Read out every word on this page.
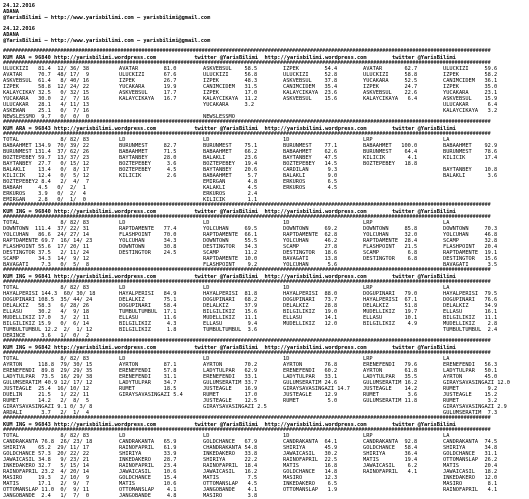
24.12.2016
ADANA
@YarisBilimi — http://www.yarisbilimi.com — yarisbilimi@gmail.com
24.12.2016
ADANA
@YarisBilimi — http://www.yarisbilimi.com — yarisbilimi@gmail.com
##################################################################################################################################################################
KUM ARA = 96840 http://yarisbilimi.wordpress.com            twitter @YarisBilimi  http://yarisbilimi.wordpress.com        twitter @YarisBilimi
##################################################################################################################################################################
ULUCKIZI   81.4  12/ 36/ 38	AVATAR        81.0	ASKVEBSUL    58.5	IZPEK        54.4	AVATAR       62.7	ULUCKIZI     59.6
AVATAR     70.7  48/ 17/  9	ULUCKIZI      67.6	ULUCKIZI     56.8	ULUCKIZI     52.8	ULUCKIZI     58.8	IZPEK        58.2
ASKVEBSUL  61.4   8/ 40/ 16	IZPEK         26.7	IZPEK        48.3	ASKVEBSUL    37.8	YUCAKARA     52.5	CANIMCIDEM   36.1
IZPEK      58.8  12/ 24/ 22	YUCAKARA      19.9	CANIMCIDEM   31.5	CANIMCIDEM   35.4	IZPEK        24.7	IZPEK        35.0
KALAYCIKAY 32.5   0/ 32/ 15	ASKVEBSUL     17.7	IZPEK        17.0	KALAYCIKAYA  23.6	ASKVEBSUL    22.6	YUCAKARA     23.1
YUCAKARA   30.0   2/  7/ 16	KALAYCIKAYA   16.7	KALAYCIKAYA  11.2	ASKVEBSUL    15.6	KALAYCIKAYA   6.4	ASKVEBSUL    15.9
ULUCAKAR   28.1   4/ 11/ 13	YUCAKARA     3.2	ULUCAKAR      6.4
ASKEWAN    25.1   0/  7/ 16	KALAYCIKAYA   3.2
NEWSLESSMO  9.7   0/  0/  0	NEWSLESSMO
##################################################################################################################################################################
KUM ARA = 96843 http://yarisbilimi.wordpress.com            twitter @YarisBilimi  http://yarisbilimi.wordpress.com        twitter @YarisBilimi
##################################################################################################################################################################
TOTAL             8/ 82/ 83	LD	LD	1D	LRP	LA
BABAAHMET 134.9  70/ 39/ 22	BURUNMEST     82.7	BURUNMEST    75.1	BURUNMEST    77.1	BABAAHMET   100.0	BABAAHMET    92.9
BURUNMEST 131.4  37/ 62/ 26	BABAAHMET     71.5	BABAAHMET    66.2	BABAAHMET    62.6	BURUNMEST    64.4	BURUNMEST    78.6
BOZTEPEBEY 59.7  13/ 37/ 23	BAYTANBEY     28.0	BALAKLI      23.6	BAYTANBEY    47.5	KILICIK       4.1	KILICIK      17.4
BAYTANBEY  27.7   0/ 15/ 12	BOZTEPEBEY     3.6	BOZTEPEBEY   19.4	BOZTEPEBEY   14.5	BOZTEPEBEY   18.8
BALAKLI    13.4   0/  8/ 17	BOZTEPEBEY     4.5	BAYTANBEY    20.6	CARDILAN      9.3	BAYTANBEY    10.8
KILICIK    12.4   0/  5/ 12	KILICIK        2.6	BABAAHMET     5.7	BALAKLI       9.0	BALAKLI       3.6
BOZTEPEBEY2 8.4   2/  4/  7	EMIRGAN       4.8	ERKUROS       6.5
BABAAH     4.5   0/  2/  1	KALAKLI       4.5	ERKUROS       4.5
ERKUROS    3.9   0/  2/  4	ERKUROS       2.4
EMIRGAN    2.8   0/  1/  0	KILICIK       1.1
##################################################################################################################################################################
KUM ING = 96840 http://yarisbilimi.wordpress.com            twitter @YarisBilimi  http://yarisbilimi.wordpress.com        twitter @YarisBilimi
##################################################################################################################################################################
TOTAL             8/ 82/ 83	LD	LD	1D	LRP	LA
DOWNTOWN  111.4  37/ 22/ 31	RAPTDAMENTE   77.4	YOLCUHAN     69.5	DOWNTOWN     69.2	DOWNTOWN     85.8	DOWNTOWN     70.3
YOLCUHAN   86.6  24/ 27/ 14	FLASHPOINT    70.0	RAPTDAMENTE  66.1	RAPTDAMENTE  62.8	YOLCUHAN     32.0	YOLCUHAN     46.8
RAPTDAMENTE 69.7  16/ 14/ 23	YOLCUHAN      34.3	DOWNTOWN     55.5	YOLCUHAN     46.2	RAPTDAMENTE  28.4	SCAMP        32.8
FLASHPOINT 55.6  17/ 20/ 11	DOWNTOWN      30.8	DESTINGTOR   34.3	SCAMP        27.8	FLASHPOINT   21.5	FLASHPOINT   20.4
DESTINGTOR 37.5   2/ 11/ 24	DESTINGTOR    24.5	SCAMP        11.2	DESTINGTOR   18.6	SCAMP         6.8	RAPTDAMENTE  19.1
SCAMP      34.3  14/  9/ 12	RAPTDAMENTE  10.0	BAVAGATI     13.8	DESTINGTOR    6.8	DESTINGTOR   15.6
BAVAGATI    7.3   0/  5/  8	FLASHPOINT    9.2	YOLCUHAN      5.6	BAVAGATI      3.5
##################################################################################################################################################################
KUM ING = 96841 http://yarisbilimi.wordpress.com            twitter @YarisBilimi  http://yarisbilimi.wordpress.com        twitter @YarisBilimi
##################################################################################################################################################################
TOTAL             8/ 82/ 83	LD	LD	1D	LRP	LA
HAYALPERISI 144.3  60/ 30/ 18	HAYALPERISI   84.9	HAYALPERISI  81.8	HAYALPERISI  88.0	DOGUPINARI   79.0	HAYALPERISI  79.5
DOGUPINARI 108.5  35/ 44/ 24	DELALKIZ      75.1	DOGUPINARI   68.2	DOGUPINARI   73.7	HAYALPERISI  67.1	DOGUPINARI   76.6
DELALKIZ   58.3   6/ 28/ 26	DOGUPINARI    58.4	DELALKIZ     37.9	DELALKIZ     28.8	DELALKIZ     51.8	DELALKIZ     34.9
ELLASU     30.2   4/  9/ 18	TUMBULTUMBUL  17.1	BILGILIKIZ   15.6	BILGILIKIZ   19.0	MUDELLIKIZ   19.7	ELLASU       16.1
MUDELLIKIZ 17.0   3/  2/ 11	ELLASU        11.6	MUDELLIKIZ   11.1	ELLASU       14.1	ELLASU       10.1	BILGILIKIZ   11.1
BILGILIKIZ 15.9   0/  6/ 14	BILGILIKIZ     4.3	ELLASU        9.4	MUDELLIKIZ   12.0	BILGILIKIZ    4.9	MUDELLIKIZ    2.8
TUMBULTUMBUL 12.2  2/  1/ 12	BILGILIKIZ     1.8	TUMBULTUMBUL  3.6	TUMBULTUMBUL  2.4
DERINCE     3.6   1/  0/  2
##################################################################################################################################################################
KUM ING = 96842 http://yarisbilimi.wordpress.com            twitter @YarisBilimi  http://yarisbilimi.wordpress.com        twitter @YarisBilimi
##################################################################################################################################################################
TOTAL             8/ 82/ 83	LD	LD	1D	LRP	LA
AYRTON     118.8  79/ 30/ 15	AYRTON        87.1	AYRTON       70.2	AYRTON       76.8	ERENEFENDI   79.6	ERENEFENDI   56.3
ERENEFENDI  89.8  29/ 29/ 35	ERENEFENDI    57.8	LADYTULPAR   62.9	ERENEFENDI   60.2	AYRTON       61.8	LADYTULPAR   50.1
LADYTULPAR  73.5  16/ 29/ 38	ERENEFENDI    31.1	ERENEFENDI   33.1	LADYTULPAR   33.1	LADYTULPAR   35.5	AYRTON       45.0
GULUMSERATIM 40.9 12/ 17/ 12	LADYTULPAR    34.7	GULUMSERATIM 33.7	GULUMSERATIM 24.6	GULUMSERATIM 16.2	GIRAYSAVASINGAZI 12.0
JUSTEAGLE  25.4  16/ 10/ 12	RUMET         18.5	JUSTEAGLE    16.9	GIRAYSAVASINGAZI 14.7 JUSTEAGLE    14.2	RUMET         9.2
DUELIN     21.5   1/ 22/ 11	GIRAYSAVASINGAZI 5.4	RUMET        17.0	JUSTEAGLE    12.9	RUMET         3.6	JUSTEAGLE    15.2
RUMET      14.2   2/  8/  5	JUSTEAGLE    12.5	RUMET         5.0	GULUMSERATIM 11.8	RUMET         3.2
GIRAYSAVASINGAZI 9.1 0/ 3/ 8	GIRAYSAVASINGAZI 2.5	GIRAYSAVASINGAZI 2.9
ARDALI      3.7   2/  1/  4	GULUMSERATIM  7.3
##################################################################################################################################################################
KUM ING = 96843 http://yarisbilimi.wordpress.com            twitter @YarisBilimi  http://yarisbilimi.wordpress.com        twitter @YarisBilimi
##################################################################################################################################################################
TOTAL             8/ 82/ 83	LD	LD	1D	LRP	LA
CANDRAKANTA 76.8  26/ 23/ 18	CANDRAKANTA   65.9	GOLDCHANCE   67.9	CANDRAKANTA  64.1	CANDRAKANTA  92.8	CANDRAKANTA  74.5
SHIRIYA    65.2  29/ 11/ 17	RAINOFAPRIL   61.9	CHANDRAKANTA 54.8	SHIRIYA      45.9	GOLDCHANCE   58.4	SHIRIYA      34.8
GOLDCHANCE 57.3  20/ 22/ 22	SHIRIYA       33.9	INKEDAKERO   33.8	JAWAICASIL   30.2	SHIRIYA      36.4	GOLDCHANCE   31.1
JAWAICASIL 34.8   9/ 23/ 21	INKEDAKERO    28.7	SHIRIYA      22.2	RAINOFAPRIL  22.5	MATIS        19.4	OTTOMANSLAP  26.2
INKEDAKERO 32.7   5/ 15/ 14	RAINOFAPRIL   23.4	RAINOFAPRIL  18.4	MATIS        16.8	JAWAICASIL    6.2	MATIS        20.4
RAINOFAPRIL 23.2  4/ 20/ 14	JAWAICASIL    10.6	JAWAICASIL   16.2	GOLDCHANCE   14.8	RAINOFAPRIL   4.1	JAWAICASIL   18.2
MASIRO     19.3   2/ 10/  9	GOLDCHANCE    15.4	MATIS         7.5	MASIRO       12.3	INKEDAKERO   12.0
MATIS      17.1   2/  9/  7	MATIS         10.6	OTTOMANSLAP   4.5	INKEDAKERO    6.5	MASIRO        8.1
OTTOMANSLAP 11.0  0/  9/ 11	OTTOMANSLAP    4.1	JANGOBANDE    4.1	OTTOMANSLAP   1.9	RAINOFAPRIL   4.1
JANGOBANDE  2.4   1/  7/  0	JANGOBANDE     4.8	MASIRO        3.8
